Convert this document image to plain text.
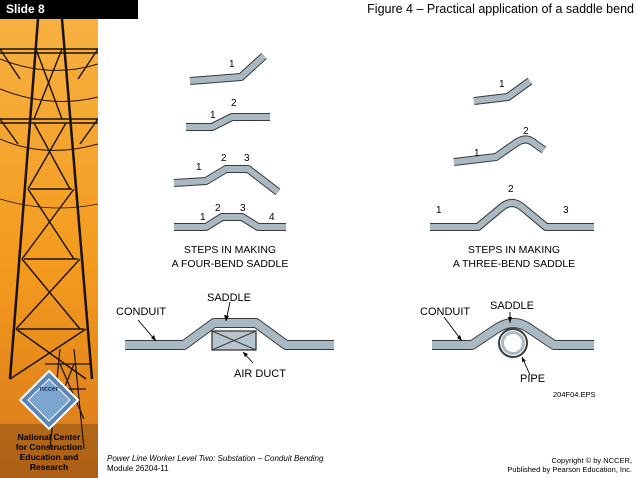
Slide 8	Figure 4 – Practical application of a saddle bend
nccer
National Center
for Construction
Education and
Research
1
1
2
1
2 3
1
2 3
4
STEPS IN MAKING
A FOUR-BEND SADDLE
CONDUIT
SADDLE
AIR DUCT
1
1
2
1
2
3
STEPS IN MAKING
A THREE-BEND SADDLE
CONDUIT SADDLE
PIPE
204F04.EPS
Power Line Worker Level Two: Substation – Conduit Bending
Module 26204-11
Copyright © by NCCER,
Published by Pearson Education, Inc.
